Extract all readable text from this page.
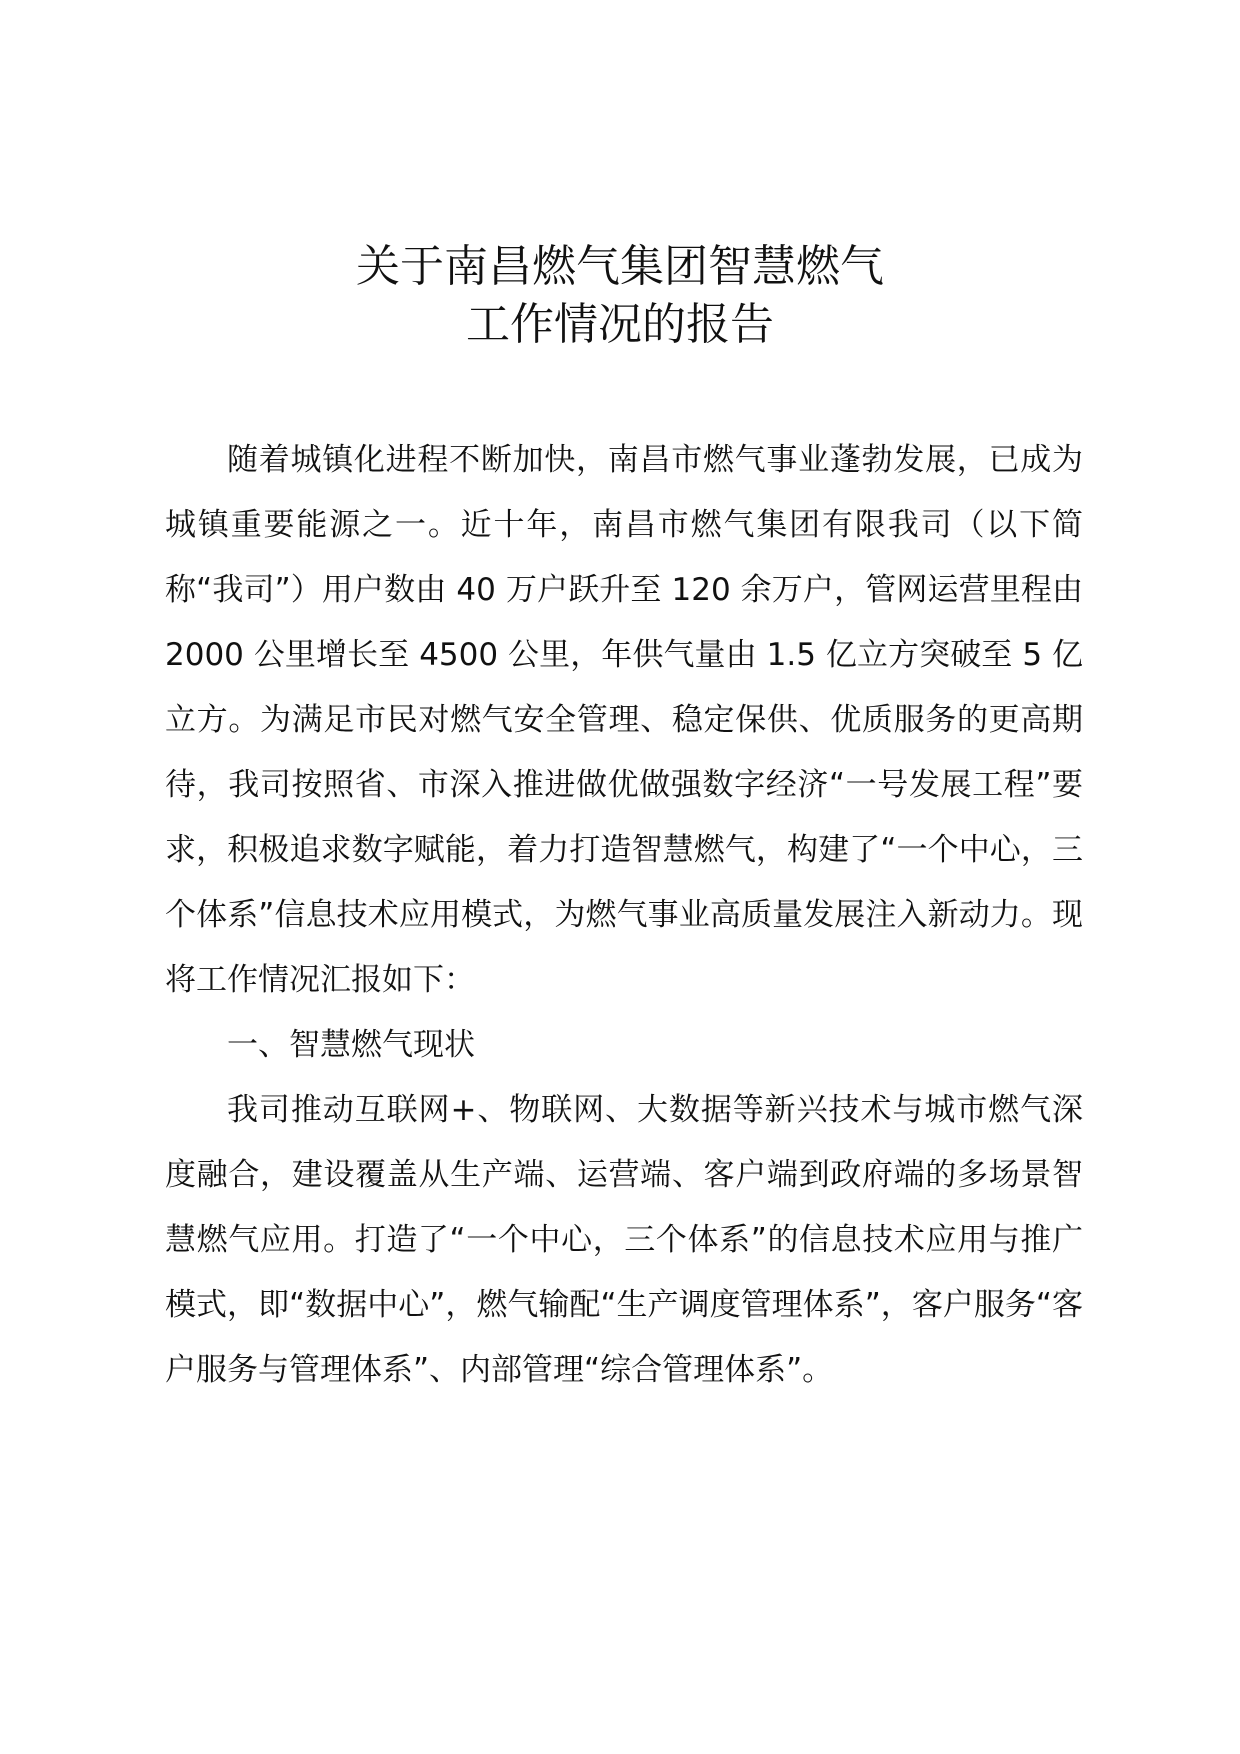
关于南昌燃气集团智慧燃气
工作情况的报告

随着城镇化进程不断加快，南昌市燃气事业蓬勃发展，已成为城镇重要能源之一。近十年，南昌市燃气集团有限我司（以下简称“我司”）用户数由 40 万户跃升至 120 余万户，管网运营里程由 2000 公里增长至 4500 公里，年供气量由 1.5 亿立方突破至 5 亿立方。为满足市民对燃气安全管理、稳定保供、优质服务的更高期待，我司按照省、市深入推进做优做强数字经济“一号发展工程”要求，积极追求数字赋能，着力打造智慧燃气，构建了“一个中心，三个体系”信息技术应用模式，为燃气事业高质量发展注入新动力。现将工作情况汇报如下：

一、智慧燃气现状

我司推动互联网+、物联网、大数据等新兴技术与城市燃气深度融合，建设覆盖从生产端、运营端、客户端到政府端的多场景智慧燃气应用。打造了“一个中心，三个体系”的信息技术应用与推广模式，即“数据中心”，燃气输配“生产调度管理体系”，客户服务“客户服务与管理体系”、内部管理“综合管理体系”。
